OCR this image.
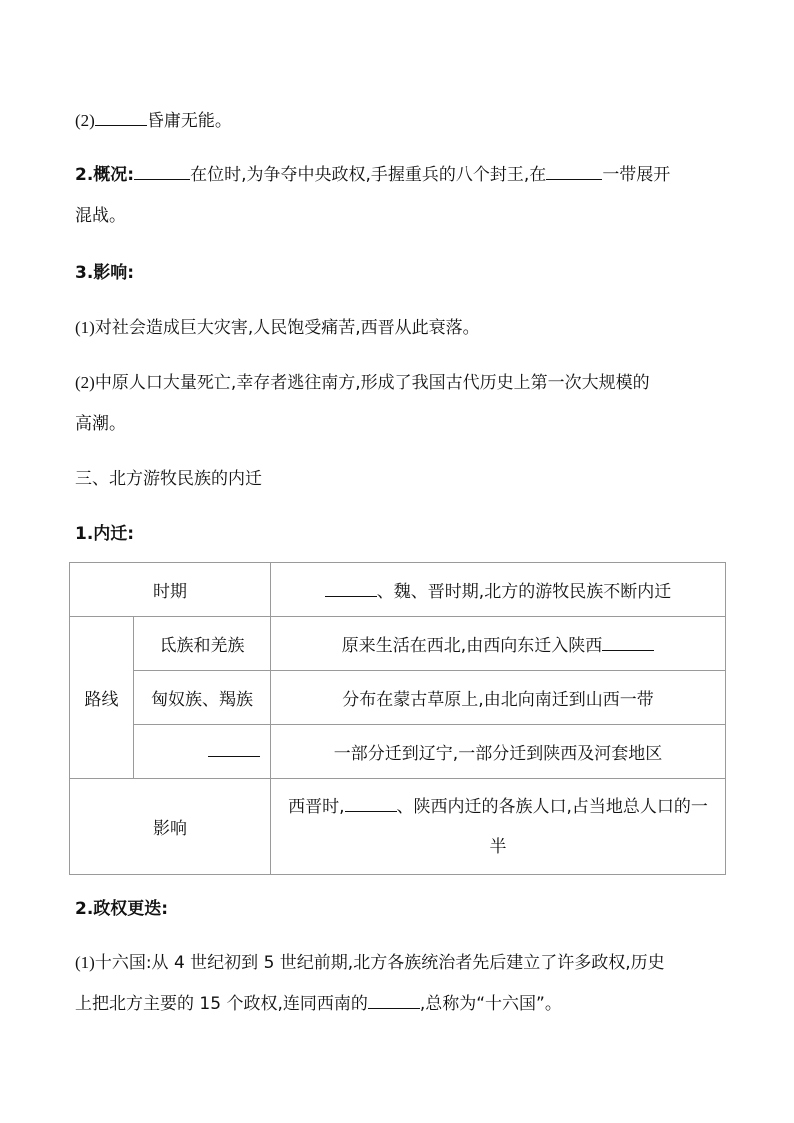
(2)	昏庸无能。
2.概况:	在位时,为争夺中央政权,手握重兵的八个封王,在	一带展开
混战。
3.影响:
(1)对社会造成巨大灾害,人民饱受痛苦,西晋从此衰落。
(2)中原人口大量死亡,幸存者逃往南方,形成了我国古代历史上第一次大规模的
高潮。
三、北方游牧民族的内迁
1.内迁:
时期		、魏、晋时期,北方的游牧民族不断内迁
路线	氐族和羌族	原来生活在西北,由西向东迁入陕西
	匈奴族、羯族	分布在蒙古草原上,由北向南迁到山西一带
		一部分迁到辽宁,一部分迁到陕西及河套地区
影响		西晋时, 、陕西内迁的各族人口,占当地总人口的一
半
2.政权更迭:
(1)十六国:从 4 世纪初到 5 世纪前期,北方各族统治者先后建立了许多政权,历史
上把北方主要的 15 个政权,连同西南的	,总称为“十六国”。
